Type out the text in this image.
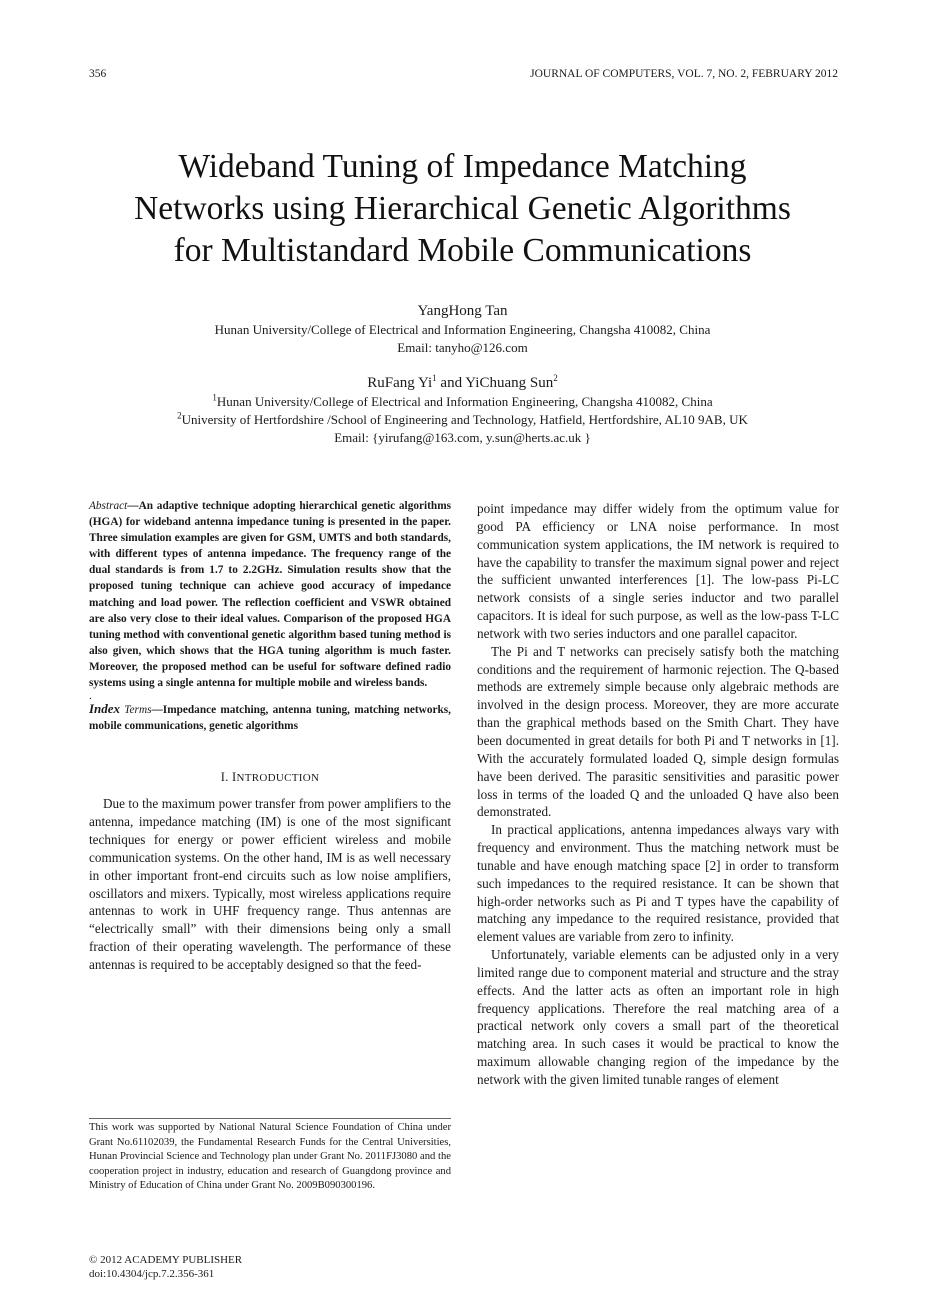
356	JOURNAL OF COMPUTERS, VOL. 7, NO. 2, FEBRUARY 2012
Wideband Tuning of Impedance Matching
Networks using Hierarchical Genetic Algorithms
for Multistandard Mobile Communications
YangHong Tan
Hunan University/College of Electrical and Information Engineering, Changsha 410082, China
Email: tanyho@126.com
RuFang Yi$^1$ and YiChuang Sun$^2$
$^1$Hunan University/College of Electrical and Information Engineering, Changsha 410082, China
$^2$University of Hertfordshire /School of Engineering and Technology, Hatfield, Hertfordshire, AL10 9AB, UK
Email: {yirufang@163.com, y.sun@herts.ac.uk }

Abstract—An adaptive technique adopting hierarchical genetic algorithms (HGA) for wideband antenna impedance tuning is presented in the paper. Three simulation examples are given for GSM, UMTS and both standards, with different types of antenna impedance. The frequency range of the dual standards is from 1.7 to 2.2GHz. Simulation results show that the proposed tuning technique can achieve good accuracy of impedance matching and load power. The reflection coefficient and VSWR obtained are also very close to their ideal values. Comparison of the proposed HGA tuning method with conventional genetic algorithm based tuning method is also given, which shows that the HGA tuning algorithm is much faster. Moreover, the proposed method can be useful for software defined radio systems using a single antenna for multiple mobile and wireless bands.

.

Index Terms—Impedance matching, antenna tuning, matching networks, mobile communications, genetic algorithms

I. INTRODUCTION

Due to the maximum power transfer from power amplifiers to the antenna, impedance matching (IM) is one of the most significant techniques for energy or power efficient wireless and mobile communication systems. On the other hand, IM is as well necessary in other important front-end circuits such as low noise amplifiers, oscillators and mixers. Typically, most wireless applications require antennas to work in UHF frequency range. Thus antennas are “electrically small” with their dimensions being only a small fraction of their operating wavelength. The performance of these antennas is required to be acceptably designed so that the feed-

This work was supported by National Natural Science Foundation of China under Grant No.61102039, the Fundamental Research Funds for the Central Universities, Hunan Provincial Science and Technology plan under Grant No. 2011FJ3080 and the cooperation project in industry, education and research of Guangdong province and Ministry of Education of China under Grant No. 2009B090300196.

point impedance may differ widely from the optimum value for good PA efficiency or LNA noise performance. In most communication system applications, the IM network is required to have the capability to transfer the maximum signal power and reject the sufficient unwanted interferences [1]. The low-pass Pi-LC network consists of a single series inductor and two parallel capacitors. It is ideal for such purpose, as well as the low-pass T-LC network with two series inductors and one parallel capacitor.

The Pi and T networks can precisely satisfy both the matching conditions and the requirement of harmonic rejection. The Q-based methods are extremely simple because only algebraic methods are involved in the design process. Moreover, they are more accurate than the graphical methods based on the Smith Chart. They have been documented in great details for both Pi and T networks in [1]. With the accurately formulated loaded Q, simple design formulas have been derived. The parasitic sensitivities and parasitic power loss in terms of the loaded Q and the unloaded Q have also been demonstrated.

In practical applications, antenna impedances always vary with frequency and environment. Thus the matching network must be tunable and have enough matching space [2] in order to transform such impedances to the required resistance. It can be shown that high-order networks such as Pi and T types have the capability of matching any impedance to the required resistance, provided that element values are variable from zero to infinity.

Unfortunately, variable elements can be adjusted only in a very limited range due to component material and structure and the stray effects. And the latter acts as often an important role in high frequency applications. Therefore the real matching area of a practical network only covers a small part of the theoretical matching area. In such cases it would be practical to know the maximum allowable changing region of the impedance by the network with the given limited tunable ranges of element

© 2012 ACADEMY PUBLISHER
doi:10.4304/jcp.7.2.356-361
